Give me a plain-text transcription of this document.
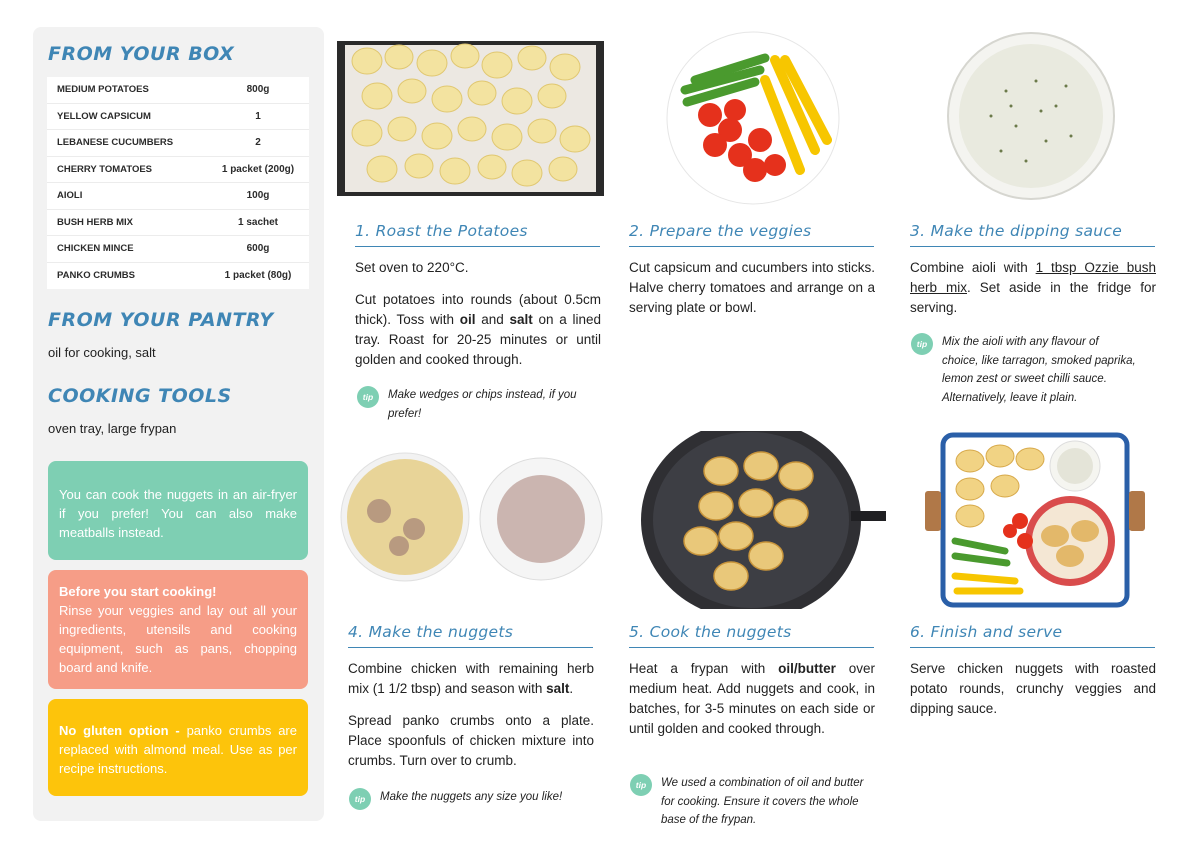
FROM YOUR BOX
MEDIUM POTATOES	800g
YELLOW CAPSICUM	1
LEBANESE CUCUMBERS	2
CHERRY TOMATOES	1 packet (200g)
AIOLI	100g
BUSH HERB MIX	1 sachet
CHICKEN MINCE	600g
PANKO CRUMBS	1 packet (80g)
FROM YOUR PANTRY
oil for cooking, salt
COOKING TOOLS
oven tray, large frypan
You can cook the nuggets in an air-fryer if you prefer! You can also make meatballs instead.
Before you start cooking!
Rinse your veggies and lay out all your ingredients, utensils and cooking equipment, such as pans, chopping board and knife.
No gluten option - panko crumbs are replaced with almond meal. Use as per recipe instructions.
1. Roast the Potatoes

Set oven to 220°C.

Cut potatoes into rounds (about 0.5cm thick). Toss with oil and salt on a lined tray. Roast for 20-25 minutes or until golden and cooked through.

tip	Make wedges or chips instead, if you prefer!
2. Prepare the veggies

Cut capsicum and cucumbers into sticks. Halve cherry tomatoes and arrange on a serving plate or bowl.

3. Make the dipping sauce

Combine aioli with 1 tbsp Ozzie bush herb mix. Set aside in the fridge for serving.

tip	Mix the aioli with any flavour of choice, like tarragon, smoked paprika, lemon zest or sweet chilli sauce. Alternatively, leave it plain.
4. Make the nuggets

Combine chicken with remaining herb mix (1 1/2 tbsp) and season with salt.

Spread panko crumbs onto a plate. Place spoonfuls of chicken mixture into crumbs. Turn over to crumb.

tip	Make the nuggets any size you like!
5. Cook the nuggets

Heat a frypan with oil/butter over medium heat. Add nuggets and cook, in batches, for 3-5 minutes on each side or until golden and cooked through.

tip	We used a combination of oil and butter for cooking. Ensure it covers the whole base of the frypan.
6. Finish and serve

Serve chicken nuggets with roasted potato rounds, crunchy veggies and dipping sauce.
